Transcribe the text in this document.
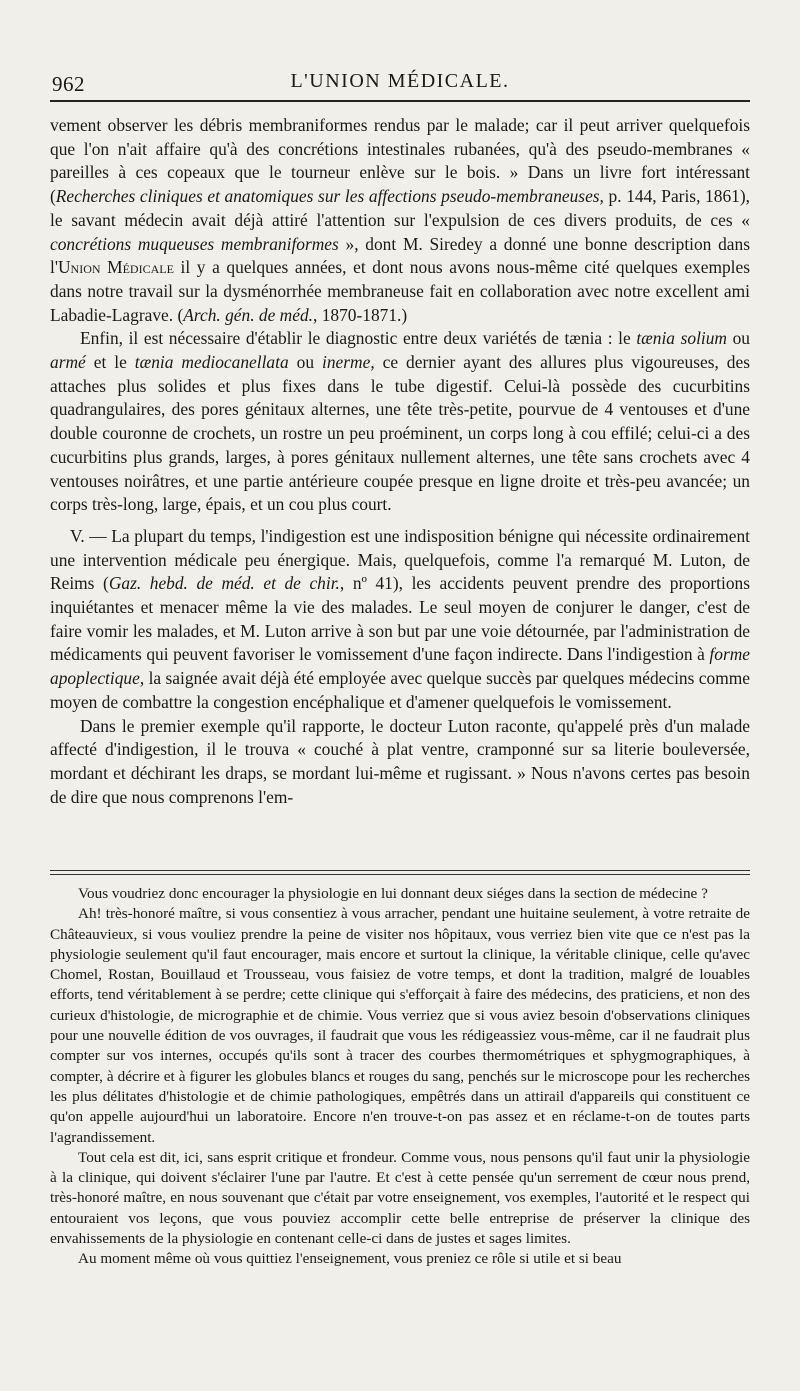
962	L'UNION MÉDICALE.

vement observer les débris membraniformes rendus par le malade; car il peut arriver quelquefois que l'on n'ait affaire qu'à des concrétions intestinales rubanées, qu'à des pseudo-membranes « pareilles à ces copeaux que le tourneur enlève sur le bois. » Dans un livre fort intéressant (Recherches cliniques et anatomiques sur les affections pseudo-membraneuses, p. 144, Paris, 1861), le savant médecin avait déjà attiré l'attention sur l'expulsion de ces divers produits, de ces « concrétions muqueuses membraniformes », dont M. Siredey a donné une bonne description dans l'Union Médicale il y a quelques années, et dont nous avons nous-même cité quelques exemples dans notre travail sur la dysménorrhée membraneuse fait en collaboration avec notre excellent ami Labadie-Lagrave. (Arch. gén. de méd., 1870-1871.)

Enfin, il est nécessaire d'établir le diagnostic entre deux variétés de tænia : le tænia solium ou armé et le tænia mediocanellata ou inerme, ce dernier ayant des allures plus vigoureuses, des attaches plus solides et plus fixes dans le tube digestif. Celui-là possède des cucurbitins quadrangulaires, des pores génitaux alternes, une tête très-petite, pourvue de 4 ventouses et d'une double couronne de crochets, un rostre un peu proéminent, un corps long à cou effilé; celui-ci a des cucurbitins plus grands, larges, à pores génitaux nullement alternes, une tête sans crochets avec 4 ventouses noirâtres, et une partie antérieure coupée presque en ligne droite et très-peu avancée; un corps très-long, large, épais, et un cou plus court.

V. — La plupart du temps, l'indigestion est une indisposition bénigne qui nécessite ordinairement une intervention médicale peu énergique. Mais, quelquefois, comme l'a remarqué M. Luton, de Reims (Gaz. hebd. de méd. et de chir., nº 41), les accidents peuvent prendre des proportions inquiétantes et menacer même la vie des malades. Le seul moyen de conjurer le danger, c'est de faire vomir les malades, et M. Luton arrive à son but par une voie détournée, par l'administration de médicaments qui peuvent favoriser le vomissement d'une façon indirecte. Dans l'indigestion à forme apoplectique, la saignée avait déjà été employée avec quelque succès par quelques médecins comme moyen de combattre la congestion encéphalique et d'amener quelquefois le vomissement.

Dans le premier exemple qu'il rapporte, le docteur Luton raconte, qu'appelé près d'un malade affecté d'indigestion, il le trouva « couché à plat ventre, cramponné sur sa literie bouleversée, mordant et déchirant les draps, se mordant lui-même et rugissant. » Nous n'avons certes pas besoin de dire que nous comprenons l'em-

Vous voudriez donc encourager la physiologie en lui donnant deux siéges dans la section de médecine ?

Ah! très-honoré maître, si vous consentiez à vous arracher, pendant une huitaine seulement, à votre retraite de Châteauvieux, si vous vouliez prendre la peine de visiter nos hôpitaux, vous verriez bien vite que ce n'est pas la physiologie seulement qu'il faut encourager, mais encore et surtout la clinique, la véritable clinique, celle qu'avec Chomel, Rostan, Bouillaud et Trousseau, vous faisiez de votre temps, et dont la tradition, malgré de louables efforts, tend véritablement à se perdre; cette clinique qui s'efforçait à faire des médecins, des praticiens, et non des curieux d'histologie, de micrographie et de chimie. Vous verriez que si vous aviez besoin d'observations cliniques pour une nouvelle édition de vos ouvrages, il faudrait que vous les rédigeassiez vous-même, car il ne faudrait plus compter sur vos internes, occupés qu'ils sont à tracer des courbes thermométriques et sphygmographiques, à compter, à décrire et à figurer les globules blancs et rouges du sang, penchés sur le microscope pour les recherches les plus délitates d'histologie et de chimie pathologiques, empêtrés dans un attirail d'appareils qui constituent ce qu'on appelle aujourd'hui un laboratoire. Encore n'en trouve-t-on pas assez et en réclame-t-on de toutes parts l'agrandissement.

Tout cela est dit, ici, sans esprit critique et frondeur. Comme vous, nous pensons qu'il faut unir la physiologie à la clinique, qui doivent s'éclairer l'une par l'autre. Et c'est à cette pensée qu'un serrement de cœur nous prend, très-honoré maître, en nous souvenant que c'était par votre enseignement, vos exemples, l'autorité et le respect qui entouraient vos leçons, que vous pouviez accomplir cette belle entreprise de préserver la clinique des envahissements de la physiologie en contenant celle-ci dans de justes et sages limites.

Au moment même où vous quittiez l'enseignement, vous preniez ce rôle si utile et si beau
